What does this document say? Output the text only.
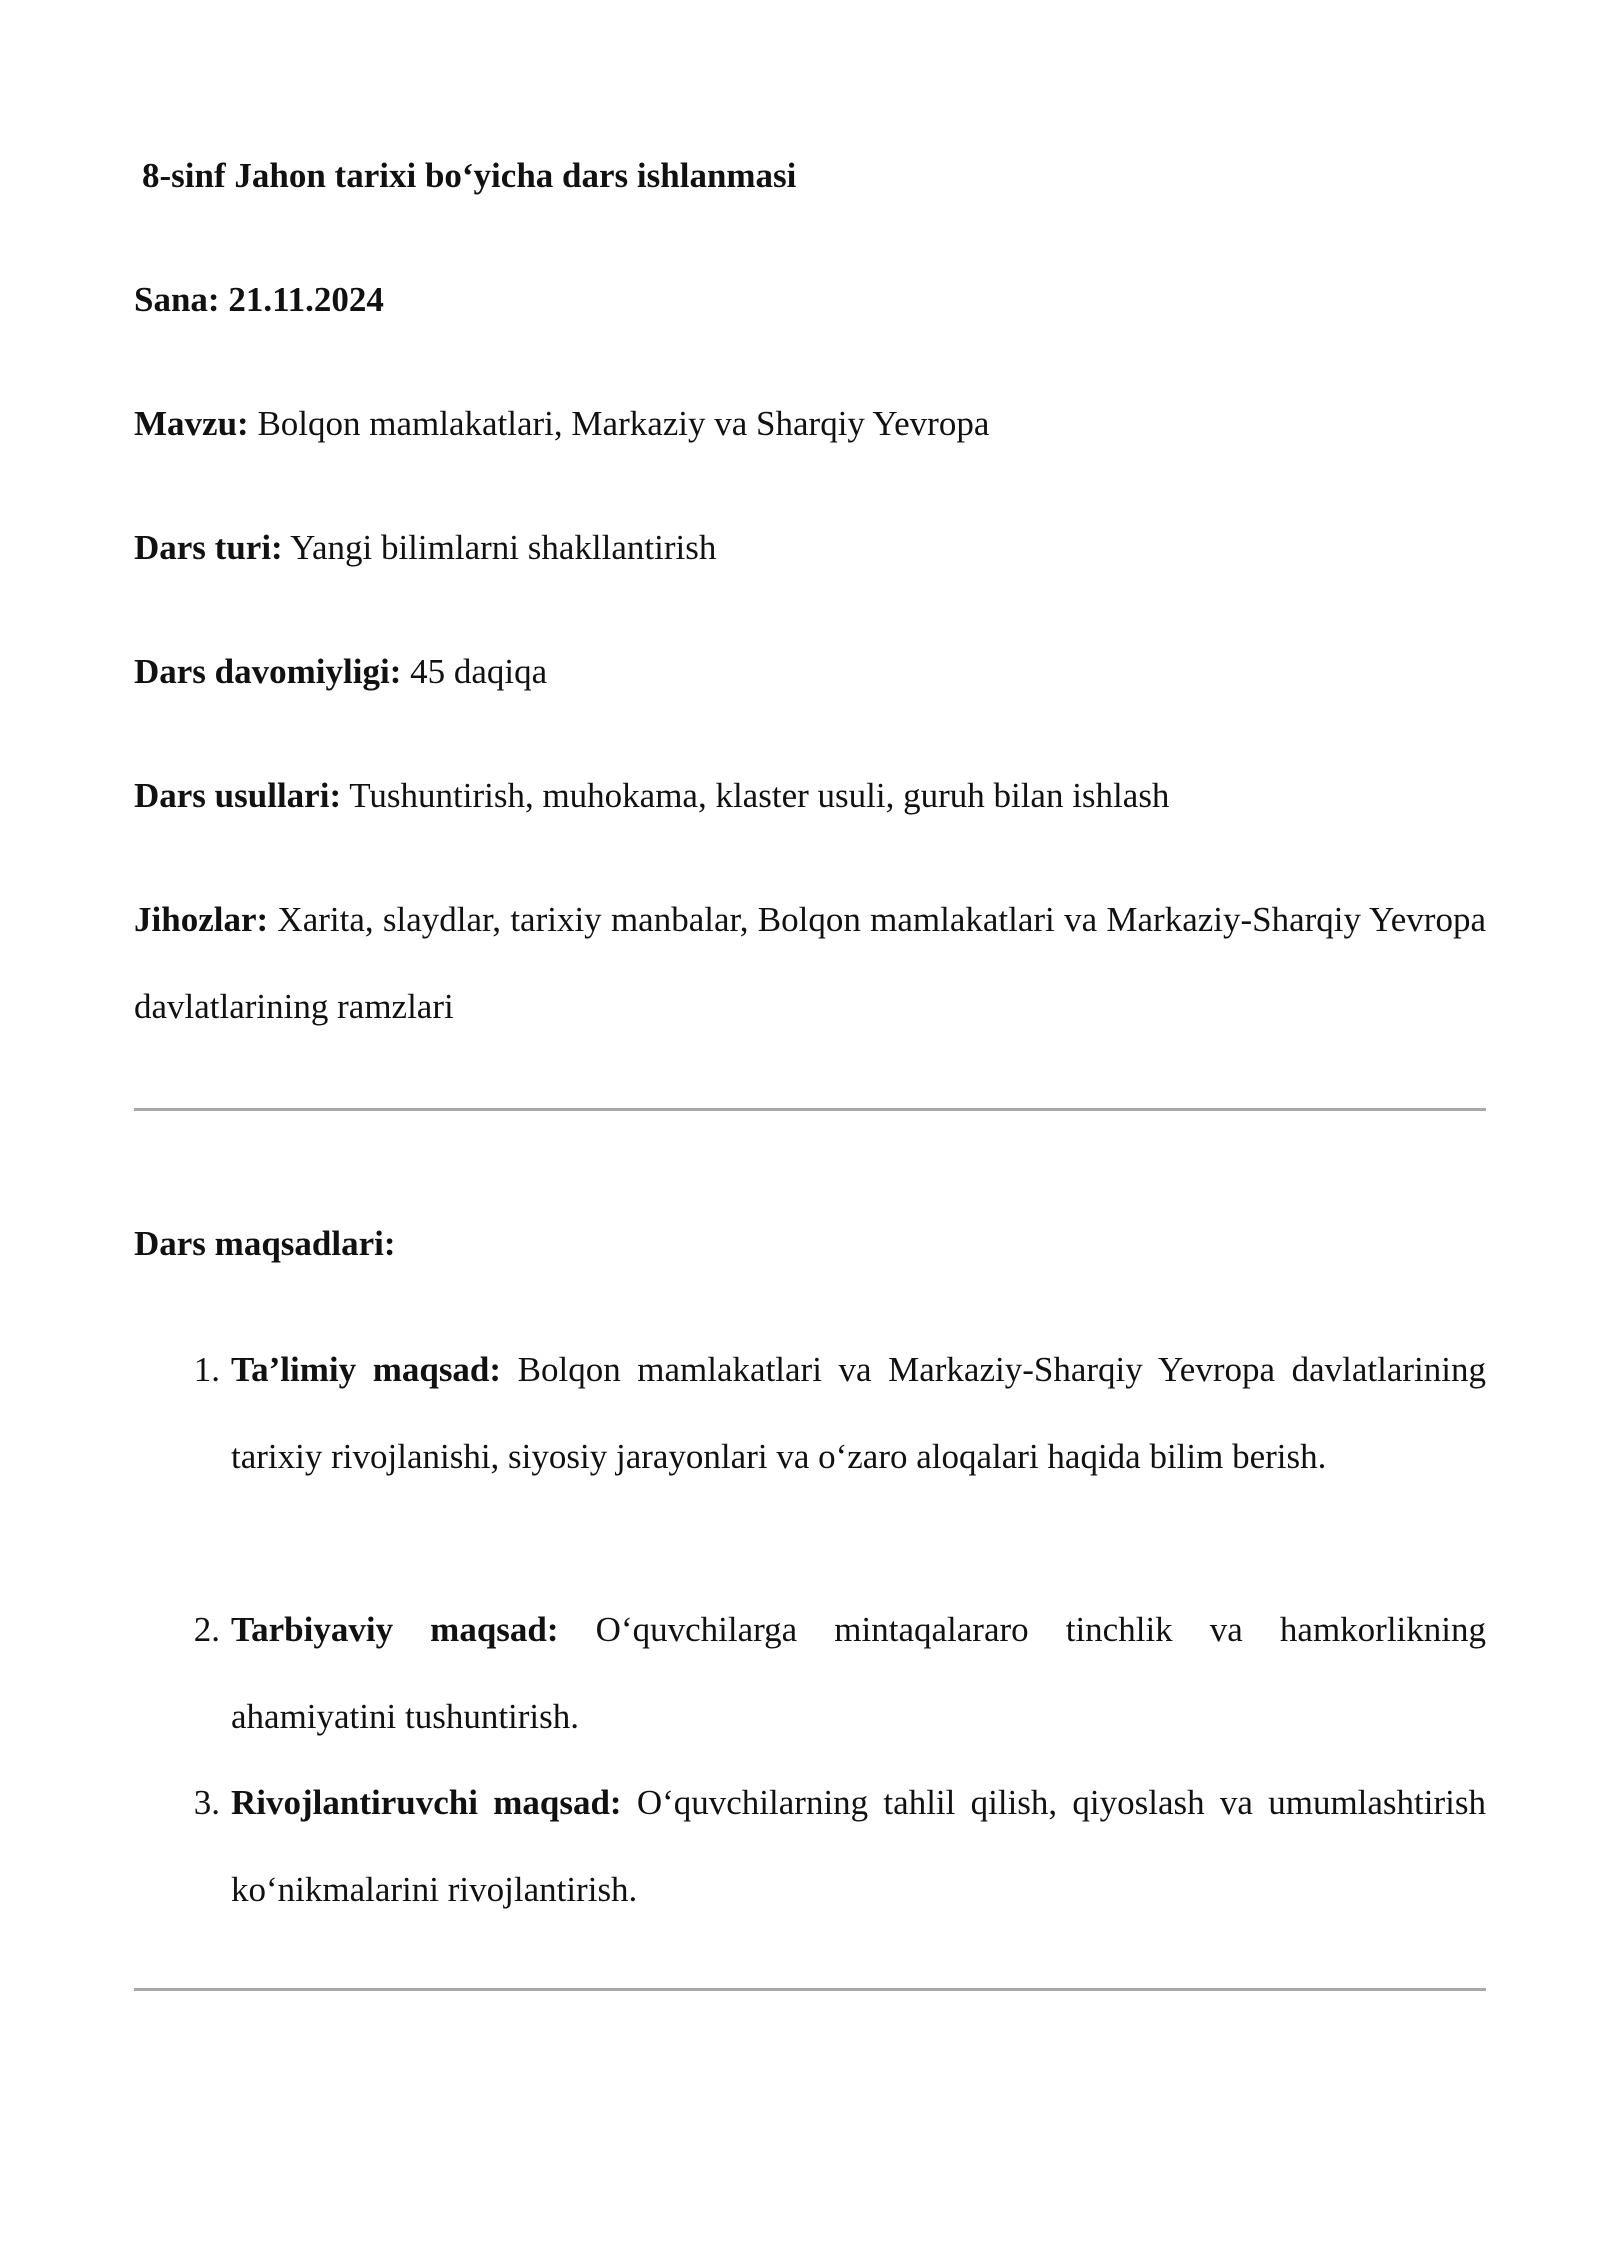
8-sinf Jahon tarixi bo‘yicha dars ishlanmasi
Sana: 21.11.2024
Mavzu: Bolqon mamlakatlari, Markaziy va Sharqiy Yevropa
Dars turi: Yangi bilimlarni shakllantirish
Dars davomiyligi: 45 daqiqa
Dars usullari: Tushuntirish, muhokama, klaster usuli, guruh bilan ishlash
Jihozlar: Xarita, slaydlar, tarixiy manbalar, Bolqon mamlakatlari va Markaziy-Sharqiy Yevropa davlatlarining ramzlari
Dars maqsadlari:
1. Ta’limiy maqsad: Bolqon mamlakatlari va Markaziy-Sharqiy Yevropa davlatlarining tarixiy rivojlanishi, siyosiy jarayonlari va o‘zaro aloqalari haqida bilim berish.
2. Tarbiyaviy maqsad: O‘quvchilarga mintaqalararo tinchlik va hamkorlikning ahamiyatini tushuntirish.
3. Rivojlantiruvchi maqsad: O‘quvchilarning tahlil qilish, qiyoslash va umumlashtirish ko‘nikmalarini rivojlantirish.
